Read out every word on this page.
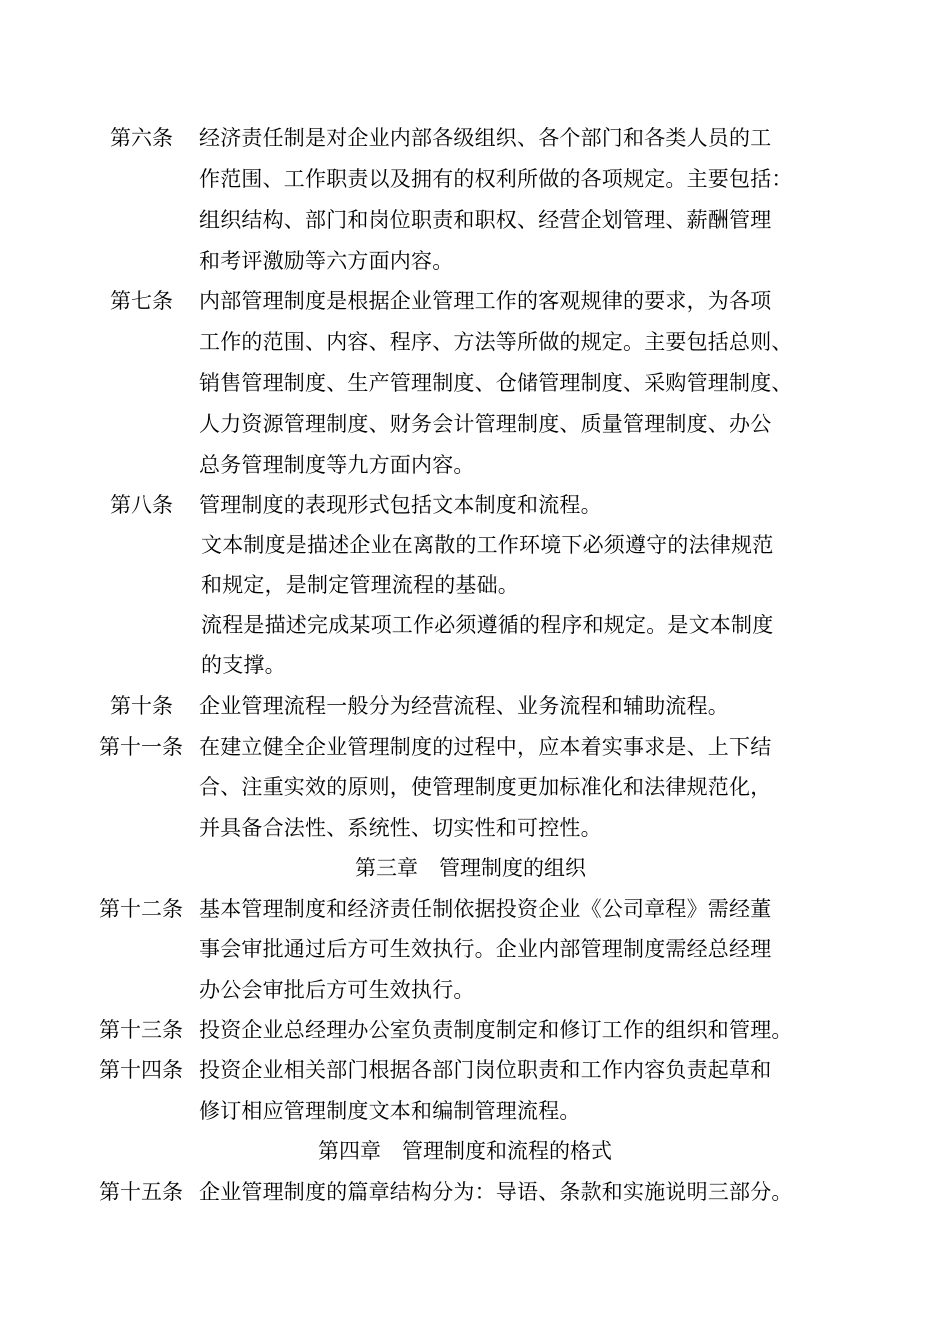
第六条 经济责任制是对企业内部各级组织、各个部门和各类人员的工
作范围、工作职责以及拥有的权利所做的各项规定。主要包括：
组织结构、部门和岗位职责和职权、经营企划管理、薪酬管理
和考评激励等六方面内容。
第七条 内部管理制度是根据企业管理工作的客观规律的要求，为各项
工作的范围、内容、程序、方法等所做的规定。主要包括总则、
销售管理制度、生产管理制度、仓储管理制度、采购管理制度、
人力资源管理制度、财务会计管理制度、质量管理制度、办公
总务管理制度等九方面内容。
第八条 管理制度的表现形式包括文本制度和流程。
文本制度是描述企业在离散的工作环境下必须遵守的法律规范
和规定，是制定管理流程的基础。
流程是描述完成某项工作必须遵循的程序和规定。是文本制度
的支撑。
第十条 企业管理流程一般分为经营流程、业务流程和辅助流程。
第十一条 在建立健全企业管理制度的过程中，应本着实事求是、上下结
合、注重实效的原则，使管理制度更加标准化和法律规范化，
并具备合法性、系统性、切实性和可控性。
第三章　管理制度的组织
第十二条 基本管理制度和经济责任制依据投资企业《公司章程》需经董
事会审批通过后方可生效执行。企业内部管理制度需经总经理
办公会审批后方可生效执行。
第十三条 投资企业总经理办公室负责制度制定和修订工作的组织和管理。
第十四条 投资企业相关部门根据各部门岗位职责和工作内容负责起草和
修订相应管理制度文本和编制管理流程。
第四章　管理制度和流程的格式
第十五条 企业管理制度的篇章结构分为：导语、条款和实施说明三部分。
